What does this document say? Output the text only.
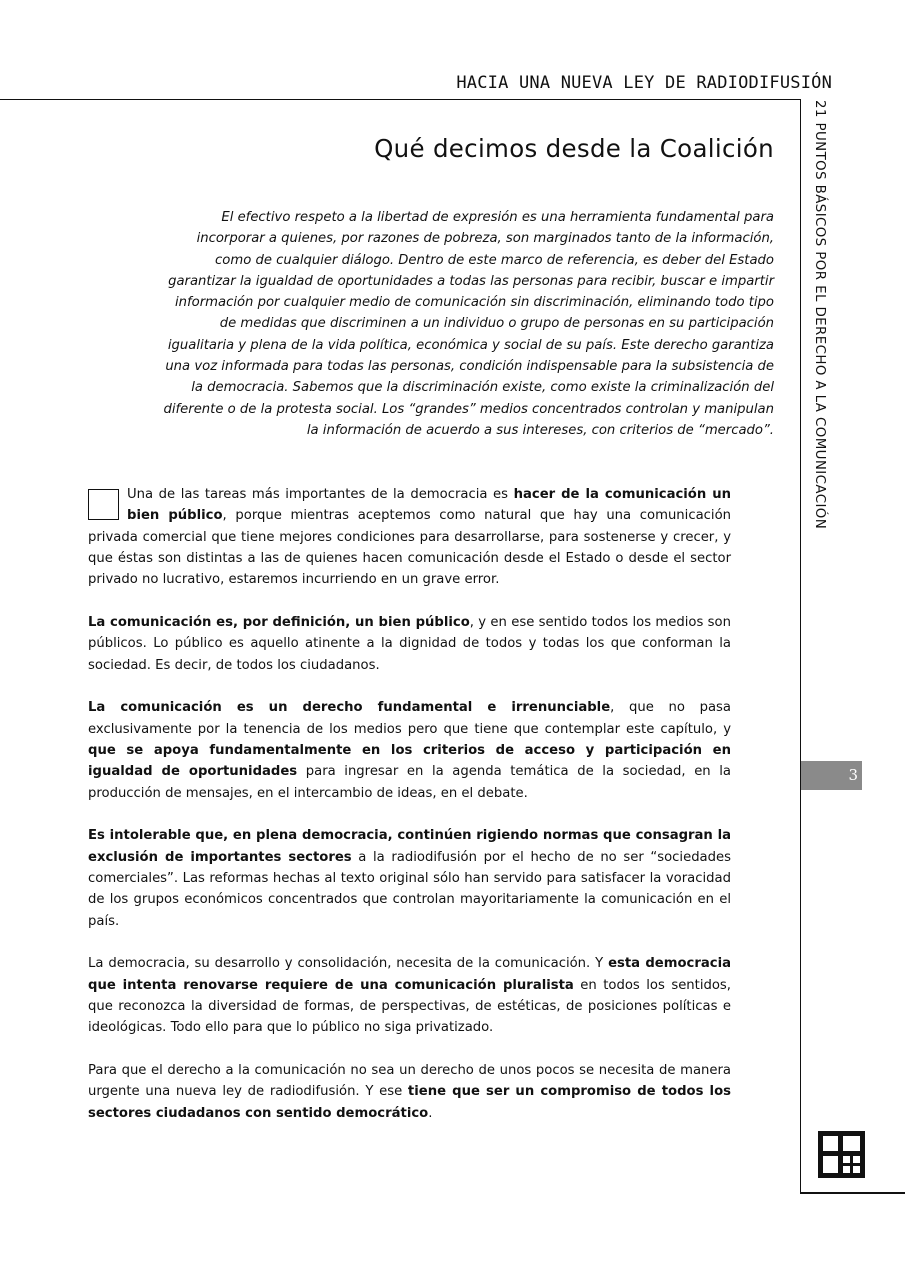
HACIA UNA NUEVA LEY DE RADIODIFUSIÓN
21 PUNTOS BÁSICOS POR EL DERECHO A LA COMUNICACIÓN
3
Qué decimos desde la Coalición

El efectivo respeto a la libertad de expresión es una herramienta fundamental para
incorporar a quienes, por razones de pobreza, son marginados tanto de la información,
como de cualquier diálogo. Dentro de este marco de referencia, es deber del Estado
garantizar la igualdad de oportunidades a todas las personas para recibir, buscar e impartir
información por cualquier medio de comunicación sin discriminación, eliminando todo tipo
de medidas que discriminen a un individuo o grupo de personas en su participación
igualitaria y plena de la vida política, económica y social de su país. Este derecho garantiza
una voz informada para todas las personas, condición indispensable para la subsistencia de
la democracia. Sabemos que la discriminación existe, como existe la criminalización del
diferente o de la protesta social. Los “grandes” medios concentrados controlan y manipulan
la información de acuerdo a sus intereses, con criterios de “mercado”.

Una de las tareas más importantes de la democracia es hacer de la comunicación un bien público, porque mientras aceptemos como natural que hay una comunicación privada comercial que tiene mejores condiciones para desarrollarse, para sostenerse y crecer, y que éstas son distintas a las de quienes hacen comunicación desde el Estado o desde el sector privado no lucrativo, estaremos incurriendo en un grave error.

La comunicación es, por definición, un bien público, y en ese sentido todos los medios son públicos. Lo público es aquello atinente a la dignidad de todos y todas los que conforman la sociedad. Es decir, de todos los ciudadanos.

La comunicación es un derecho fundamental e irrenunciable, que no pasa exclusivamente por la tenencia de los medios pero que tiene que contemplar este capítulo, y que se apoya fundamentalmente en los criterios de acceso y participación en igualdad de oportunidades para ingresar en la agenda temática de la sociedad, en la producción de mensajes, en el intercambio de ideas, en el debate.

Es intolerable que, en plena democracia, continúen rigiendo normas que consagran la exclusión de importantes sectores a la radiodifusión por el hecho de no ser “sociedades comerciales”. Las reformas hechas al texto original sólo han servido para satisfacer la voracidad de los grupos económicos concentrados que controlan mayoritariamente la comunicación en el país.

La democracia, su desarrollo y consolidación, necesita de la comunicación. Y esta democracia que intenta renovarse requiere de una comunicación pluralista en todos los sentidos, que reconozca la diversidad de formas, de perspectivas, de estéticas, de posiciones políticas e ideológicas. Todo ello para que lo público no siga privatizado.

Para que el derecho a la comunicación no sea un derecho de unos pocos se necesita de manera urgente una nueva ley de radiodifusión. Y ese tiene que ser un compromiso de todos los sectores ciudadanos con sentido democrático.
